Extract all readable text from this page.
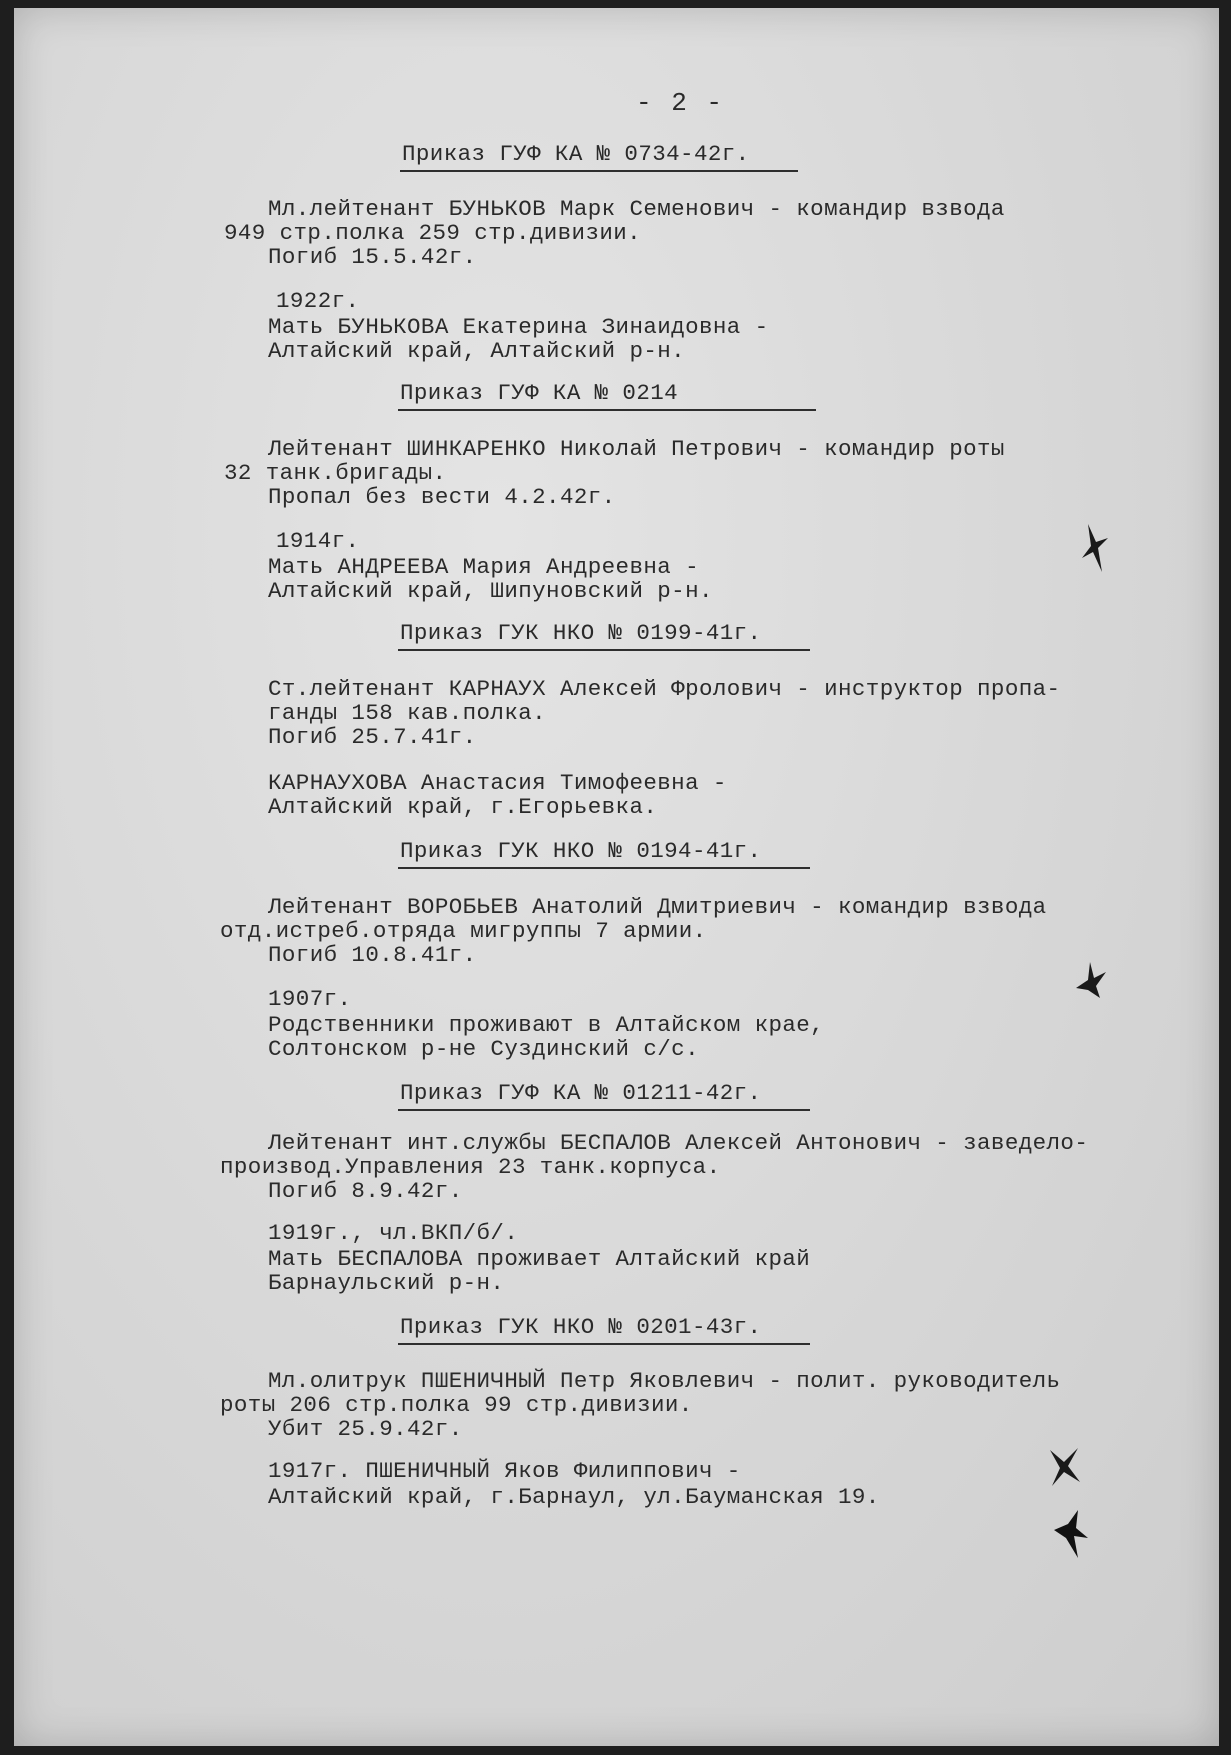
- 2 -
Приказ ГУФ КА № 0734-42г.
Мл.лейтенант БУНЬКОВ Марк Семенович - командир взвода
949 стр.полка 259 стр.дивизии.
Погиб 15.5.42г.
1922г.
Мать БУНЬКОВА Екатерина Зинаидовна -
Алтайский край, Алтайский р-н.
Приказ ГУФ КА № 0214
Лейтенант ШИНКАРЕНКО Николай Петрович - командир роты
32 танк.бригады.
Пропал без вести 4.2.42г.
1914г.
Мать АНДРЕЕВА Мария Андреевна -
Алтайский край, Шипуновский р-н.
Приказ ГУК НКО № 0199-41г.
Ст.лейтенант КАРНАУХ Алексей Фролович - инструктор пропа-
ганды 158 кав.полка.
Погиб 25.7.41г.
КАРНАУХОВА Анастасия Тимофеевна -
Алтайский край, г.Егорьевка.
Приказ ГУК НКО № 0194-41г.
Лейтенант ВОРОБЬЕВ Анатолий Дмитриевич - командир взвода
отд.истреб.отряда мигруппы 7 армии.
Погиб 10.8.41г.
1907г.
Родственники проживают в Алтайском крае,
Солтонском р-не Суздинский с/с.
Приказ ГУФ КА № 01211-42г.
Лейтенант инт.службы БЕСПАЛОВ Алексей Антонович - заведело-
производ.Управления 23 танк.корпуса.
Погиб 8.9.42г.
1919г., чл.ВКП/б/.
Мать БЕСПАЛОВА проживает Алтайский край
Барнаульский р-н.
Приказ ГУК НКО № 0201-43г.
Мл.олитрук ПШЕНИЧНЫЙ Петр Яковлевич - полит. руководитель
роты 206 стр.полка 99 стр.дивизии.
Убит 25.9.42г.
1917г. ПШЕНИЧНЫЙ Яков Филиппович -
Алтайский край, г.Барнаул, ул.Бауманская 19.
